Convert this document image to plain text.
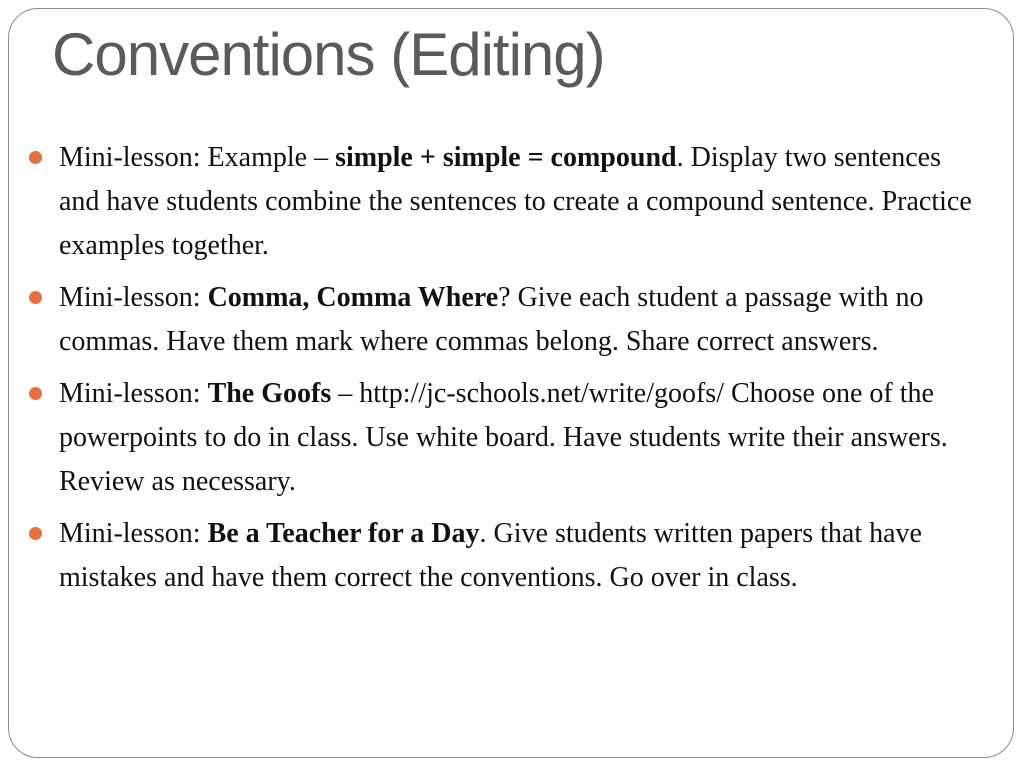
Conventions (Editing)
Mini-lesson: Example – simple + simple = compound. Display two sentences and have students combine the sentences to create a compound sentence. Practice examples together.
Mini-lesson: Comma, Comma Where? Give each student a passage with no commas. Have them mark where commas belong. Share correct answers.
Mini-lesson: The Goofs – http://jc-schools.net/write/goofs/ Choose one of the powerpoints to do in class. Use white board. Have students write their answers. Review as necessary.
Mini-lesson: Be a Teacher for a Day. Give students written papers that have mistakes and have them correct the conventions. Go over in class.
